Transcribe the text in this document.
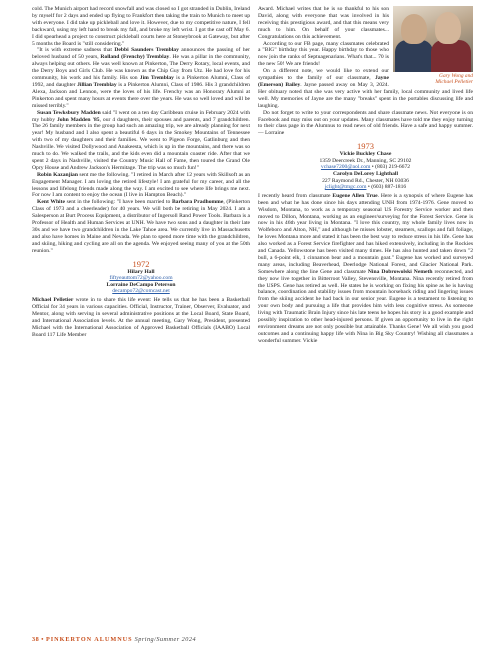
cold. The Munich airport had record snowfall and was closed so I got stranded in Dublin, Ireland by myself for 2 days and ended up flying to Frankfort then taking the train to Munich to meet up with everyone. I did take up pickleball and love it. However, due to my competitive nature, I fell backward, using my left hand to break my fall, and broke my left wrist. I got the cast off May 6. I did spearhead a project to construct pickleball courts here at Stoneybrook at Gateway, but after 5 months the Board is "still considering."

"It is with extreme sadness that Debbi Saunders Tremblay announces the passing of her beloved husband of 50 years, Rolland (Frenchy) Tremblay. He was a pillar in the community, always helping out others. He was well known at Pinkerton, The Derry Rotary, local events, and the Derry Boys and Girls Club. He was known as the Chip Guy from Utz. He had love for his community, his work and his family. His son Jim Tremblay is a Pinkerton Alumni, Class of 1992, and daughter Jillian Tremblay is a Pinkerton Alumni, Class of 1986. His 3 grandchildren Alexa, Jackson and Lennon, were the loves of his life. Frenchy was an Honorary Alumni at Pinkerton and spent many hours at events there over the years. He was so well loved and will be missed terribly."

Susan Tewksbury Madden said "I went on a ten day Caribbean cruise in February 2024 with my hubby John Madden '85, our 4 daughters, their spouses and parents, and 7 grandchildren. The 26 family members in the group had such an amazing trip, we are already planning for next year! My husband and I also spent a beautiful 6 days in the Smokey Mountains of Tennessee with two of my daughters and their families. We went to Pigeon Forge, Gatlinburg and then Nashville. We visited Dollywood and Anakeesta, which is up in the mountains, and there was so much to do. We walked the trails, and the kids even did a mountain coaster ride. After that we spent 2 days in Nashville, visited the Country Music Hall of Fame, then toured the Grand Ole Opry House and Andrew Jackson's Hermitage. The trip was so much fun!"

Robin Kazanjian sent me the following. "I retired in March after 12 years with Skillsoft as an Engagement Manager. I am loving the retired lifestyle! I am grateful for my career, and all the lessons and lifelong friends made along the way. I am excited to see where life brings me next. For now I am content to enjoy the ocean (I live in Hampton Beach)."

Kent White sent in the following: "I have been married to Barbara Pradhomme, (Pinkerton Class of 1973 and a cheerleader) for 40 years. We will both be retiring in May 2024. I am a Salesperson at Burt Process Equipment, a distributor of Ingersoll Rand Power Tools. Barbara is a Professor of Health and Human Services at UNH. We have two sons and a daughter in their late 30s and we have two grandchildren in the Lake Tahoe area. We currently live in Massachusetts and also have homes in Maine and Nevada. We plan to spend more time with the grandchildren, and skiing, hiking and cycling are all on the agenda. We enjoyed seeing many of you at the 50th reunion."

1972
Hilary Hall
fiftyeauttom72@yahoo.com
Lorraine DeCampo Peterson
decampo72@comcast.net

Michael Pelletier wrote in to share this life event: He tells us that he has been a Basketball Official for 34 years in various capacities. Official, Instructor, Trainer, Observer, Evaluator, and Mentor, along with serving in several administrative positions at the Local Board, State Board, and International Association levels. At the annual meeting, Gary Wong, President, presented Michael with the International Association of Approved Basketball Officials (IAABO) Local Board 117 Life Member

Gary Wong and
Michael Pelletier

Award. Michael writes that he is so thankful to his son David, along with everyone that was involved in his receiving this prestigious award, and that this means very much to him. On behalf of your classmates... Congratulations on this achievement.

According to our FB page, many classmates celebrated a "BIG" birthday this year. Happy birthday to those who now join the ranks of Septuagenarians. What's that... 70 is the new 50! We are friends!

On a different note, we would like to extend our sympathies to the family of our classmate, Jayne (Emerson) Bailey. Jayne passed away on May 3, 2024. Her obituary noted that she was very active with her family, local community and lived life well. My memories of Jayne are the many "breaks" spent in the portables discussing life and laughing.

Do not forget to write to your correspondents and share classmate news. Not everyone is on Facebook and may miss out on your updates. Many classmates have told me they enjoy turning to their class page in the Alumnus to read news of old friends. Have a safe and happy summer. — Lorraine

1973
Vickie Buckley Chase
1359 Deercreek Dr., Manning, SC 29102
vchase7200@aol.com • (803) 219-6672
Carolyn DeLorey Lighthall
227 Raymond Rd., Chester, NH 03036
jclight@tmgc.com • (603) 887-1816

I recently heard from classmate Eugene Allen True. Here is a synopsis of where Eugene has been and what he has done since his days attending UNH from 1974-1976. Gene moved to Wisdom, Montana, to work as a temporary seasonal US Forestry Service worker and then moved to Dillon, Montana, working as an engineer/surveying for the Forest Service. Gene is now in his 46th year living in Montana. "I love this country, my whole family lives now in Wolfeboro and Alton, NH," and although he misses lobster, steamers, scallops and fall foliage, he loves Montana more and stated it has been the best way to reduce stress in his life. Gene has also worked as a Forest Service firefighter and has hiked extensively, including in the Rockies and Canada. Yellowstone has been visited many times. He has also hunted and taken down "2 bull, a 6-point elk, 1 cinnamon bear and a mountain goat." Eugene has worked and surveyed many areas, including Beaverhead, Deerlodge National Forest, and Glacier National Park. Somewhere along the line Gene and classmate Nina Dobrowolski Nemeth reconnected, and they now live together in Bitterroot Valley, Stevensville, Montana. Nina recently retired from the USPS. Gene has retired as well. He states he is working on fixing his spine as he is having balance, coordination and stability issues from mountain horseback riding and lingering issues from the skiing accident he had back in our senior year. Eugene is a testament to listening to your own body and pursuing a life that provides him with less cognitive stress. As someone living with Traumatic Brain Injury since his late teens he hopes his story is a good example and possibly inspiration to other head-injured persons. If given an opportunity to live in the right environment dreams are not only possible but attainable. Thanks Gene! We all wish you good outcomes and a continuing happy life with Nina in Big Sky Country! Wishing all classmates a wonderful summer. Vickie

38 • PINKERTON ALUMNUS Spring/Summer 2024
